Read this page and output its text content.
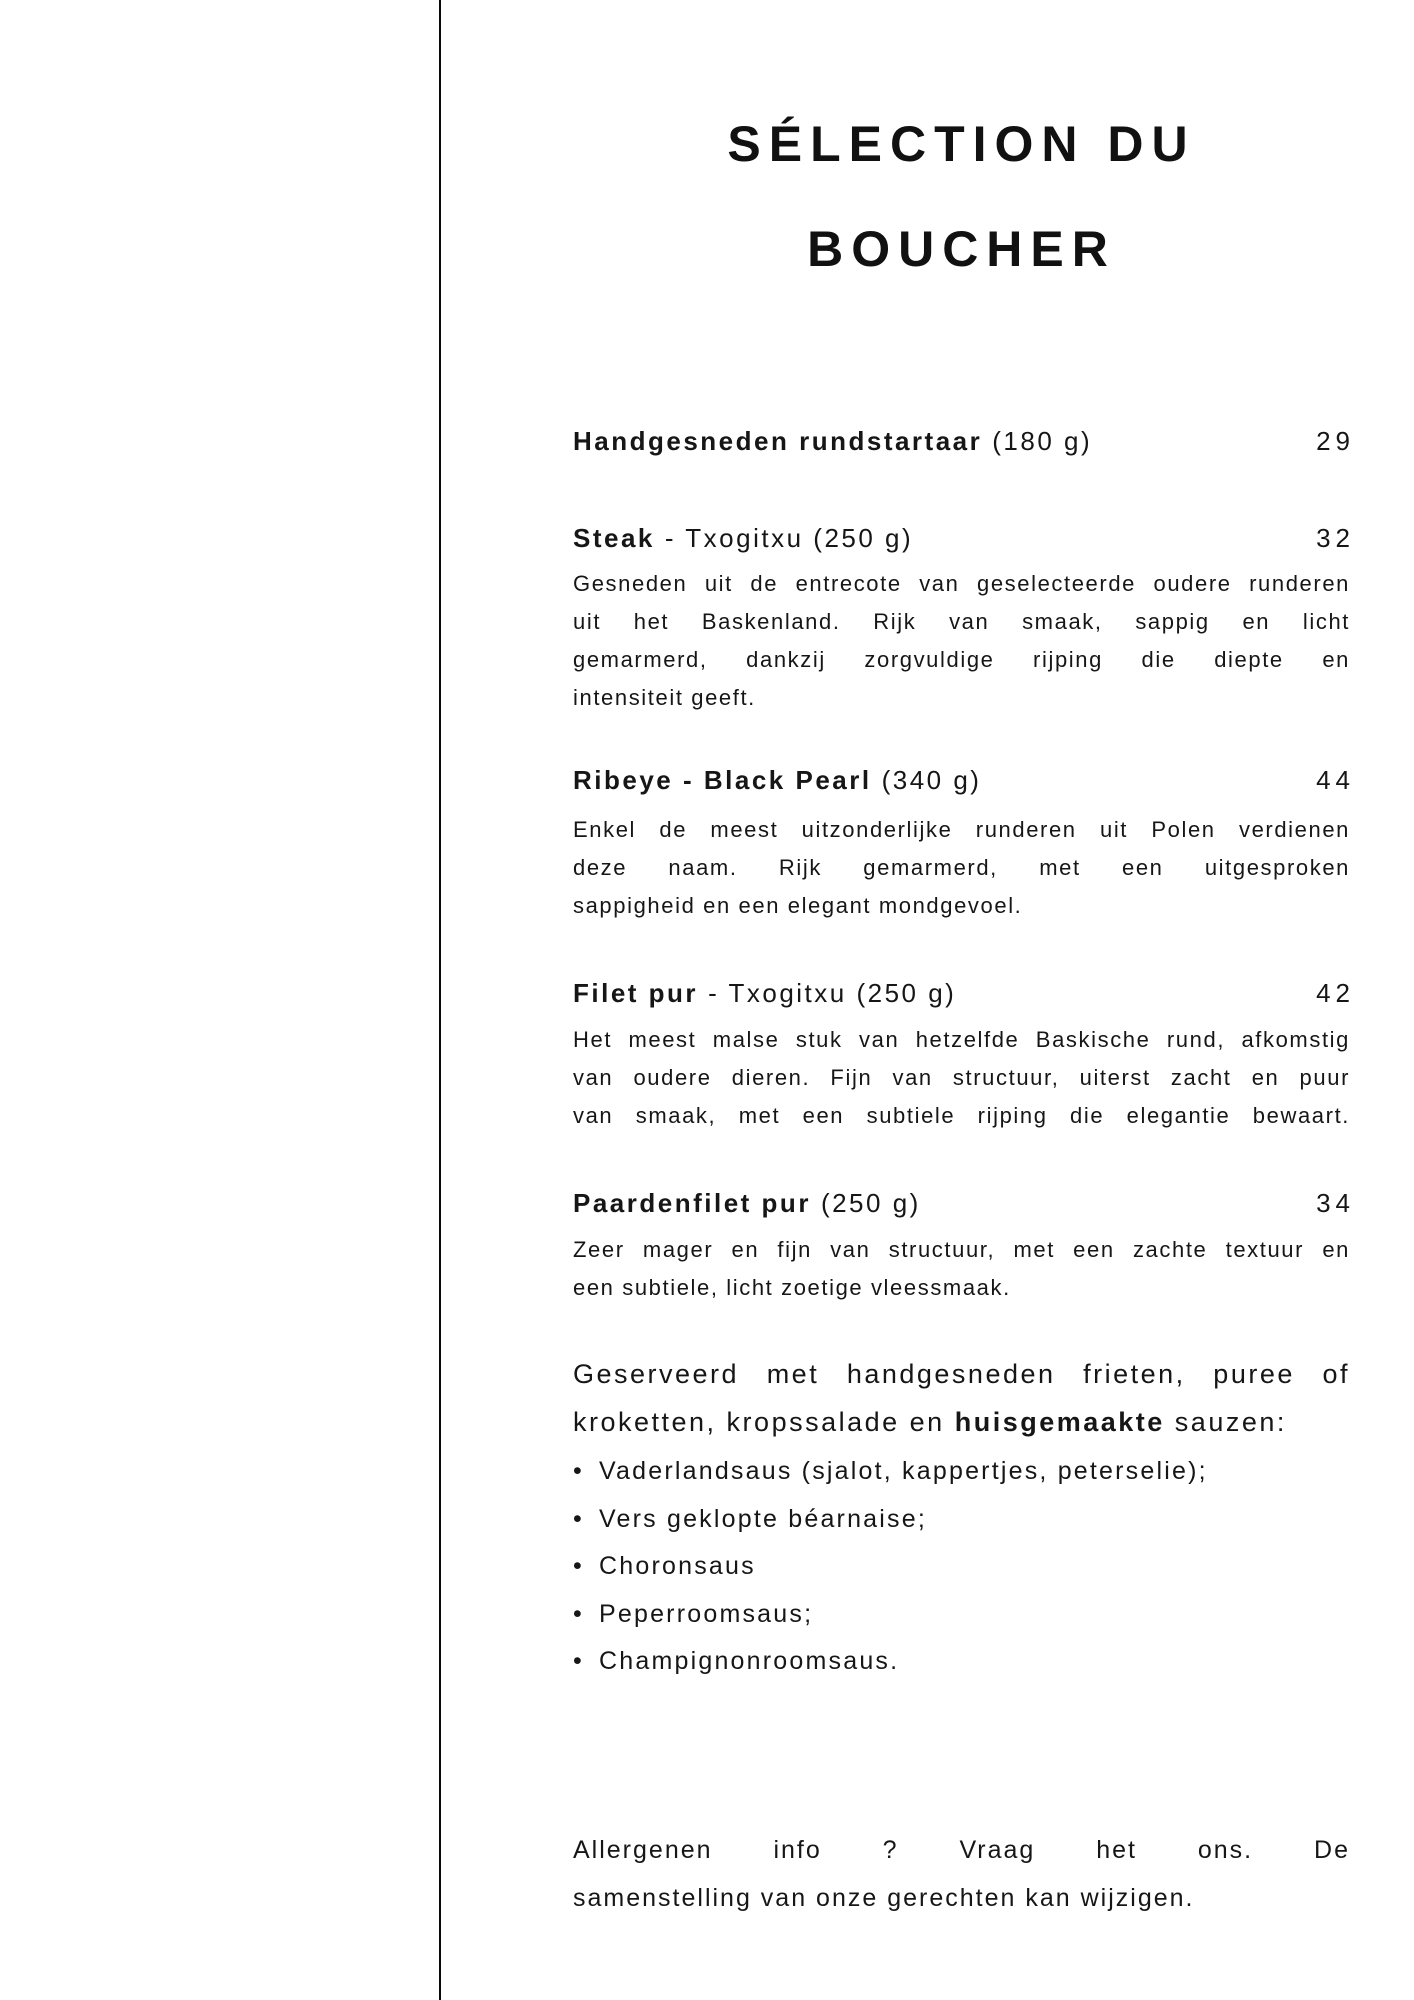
SÉLECTION DU
BOUCHER
Handgesneden rundstartaar (180 g)	29
Steak - Txogitxu (250 g)	32
Gesneden uit de entrecote van geselecteerde oudere runderen
uit het Baskenland. Rijk van smaak, sappig en licht
gemarmerd, dankzij zorgvuldige rijping die diepte en
intensiteit geeft.
Ribeye - Black Pearl (340 g)	44
Enkel de meest uitzonderlijke runderen uit Polen verdienen
deze naam. Rijk gemarmerd, met een uitgesproken
sappigheid en een elegant mondgevoel.
Filet pur - Txogitxu (250 g)	42
Het meest malse stuk van hetzelfde Baskische rund, afkomstig
van oudere dieren. Fijn van structuur, uiterst zacht en puur
van smaak, met een subtiele rijping die elegantie bewaart.
Paardenfilet pur (250 g)	34
Zeer mager en fijn van structuur, met een zachte textuur en
een subtiele, licht zoetige vleessmaak.
Geserveerd met handgesneden frieten, puree of
kroketten, kropssalade en huisgemaakte sauzen:
• Vaderlandsaus (sjalot, kappertjes, peterselie);
• Vers geklopte béarnaise;
• Choronsaus
• Peperroomsaus;
• Champignonroomsaus.
Allergenen info ? Vraag het ons. De
samenstelling van onze gerechten kan wijzigen.
